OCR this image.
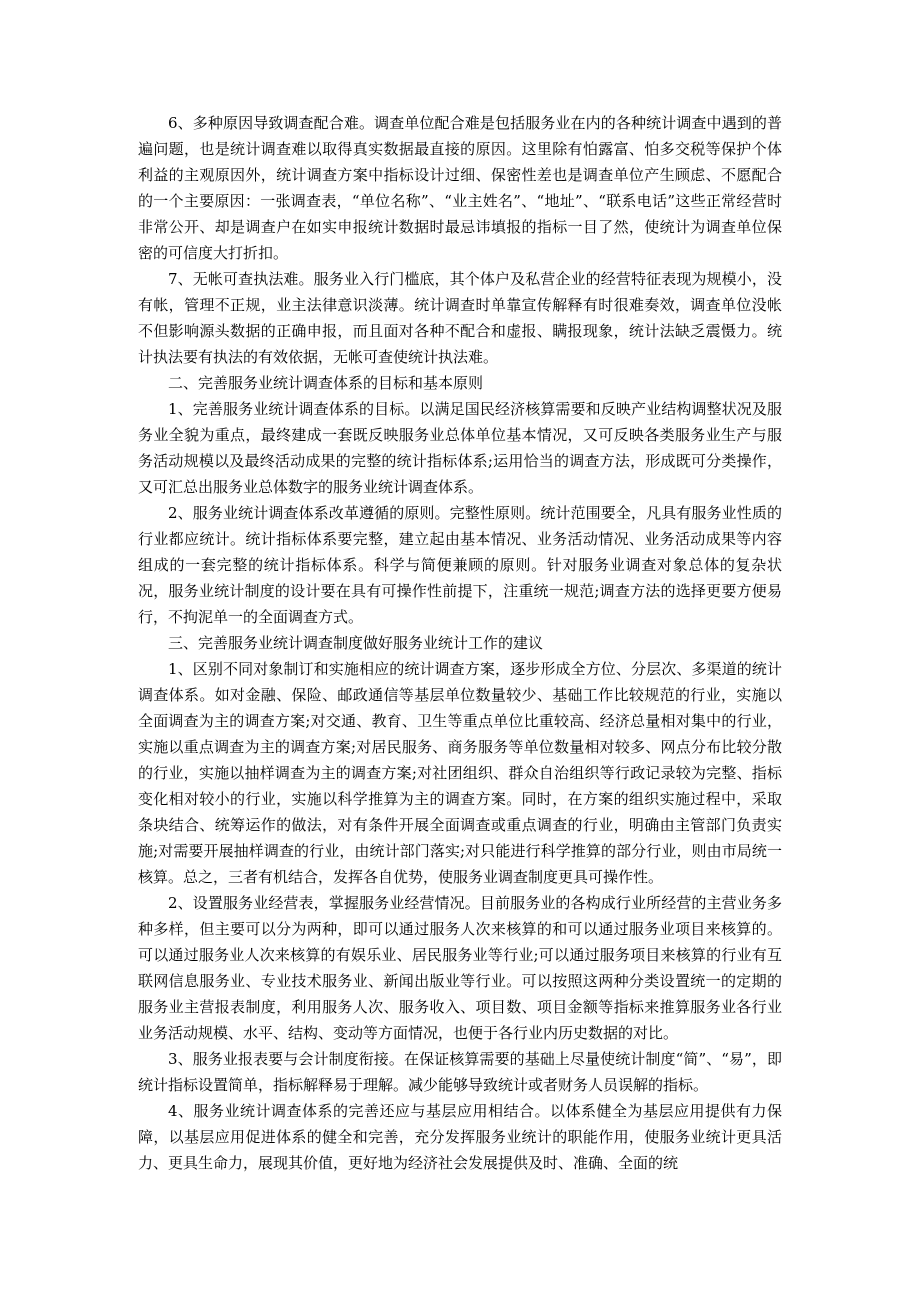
6、多种原因导致调查配合难。调查单位配合难是包括服务业在内的各种统计调查中遇到的普遍问题，也是统计调查难以取得真实数据最直接的原因。这里除有怕露富、怕多交税等保护个体利益的主观原因外，统计调查方案中指标设计过细、保密性差也是调查单位产生顾虑、不愿配合的一个主要原因：一张调查表，“单位名称”、“业主姓名”、“地址”、“联系电话”这些正常经营时非常公开、却是调查户在如实申报统计数据时最忌讳填报的指标一目了然，使统计为调查单位保密的可信度大打折扣。

7、无帐可查执法难。服务业入行门槛底，其个体户及私营企业的经营特征表现为规模小，没有帐，管理不正规，业主法律意识淡薄。统计调查时单靠宣传解释有时很难奏效，调查单位没帐不但影响源头数据的正确申报，而且面对各种不配合和虚报、瞒报现象，统计法缺乏震慑力。统计执法要有执法的有效依据，无帐可查使统计执法难。

二、完善服务业统计调查体系的目标和基本原则

1、完善服务业统计调查体系的目标。以满足国民经济核算需要和反映产业结构调整状况及服务业全貌为重点，最终建成一套既反映服务业总体单位基本情况，又可反映各类服务业生产与服务活动规模以及最终活动成果的完整的统计指标体系;运用恰当的调查方法，形成既可分类操作，又可汇总出服务业总体数字的服务业统计调查体系。

2、服务业统计调查体系改革遵循的原则。完整性原则。统计范围要全，凡具有服务业性质的行业都应统计。统计指标体系要完整，建立起由基本情况、业务活动情况、业务活动成果等内容组成的一套完整的统计指标体系。科学与简便兼顾的原则。针对服务业调查对象总体的复杂状况，服务业统计制度的设计要在具有可操作性前提下，注重统一规范;调查方法的选择更要方便易行，不拘泥单一的全面调查方式。

三、完善服务业统计调查制度做好服务业统计工作的建议

1、区别不同对象制订和实施相应的统计调查方案，逐步形成全方位、分层次、多渠道的统计调查体系。如对金融、保险、邮政通信等基层单位数量较少、基础工作比较规范的行业，实施以全面调查为主的调查方案;对交通、教育、卫生等重点单位比重较高、经济总量相对集中的行业，实施以重点调查为主的调查方案;对居民服务、商务服务等单位数量相对较多、网点分布比较分散的行业，实施以抽样调查为主的调查方案;对社团组织、群众自治组织等行政记录较为完整、指标变化相对较小的行业，实施以科学推算为主的调查方案。同时，在方案的组织实施过程中，采取条块结合、统筹运作的做法，对有条件开展全面调查或重点调查的行业，明确由主管部门负责实施;对需要开展抽样调查的行业，由统计部门落实;对只能进行科学推算的部分行业，则由市局统一核算。总之，三者有机结合，发挥各自优势，使服务业调查制度更具可操作性。

2、设置服务业经营表，掌握服务业经营情况。目前服务业的各构成行业所经营的主营业务多种多样，但主要可以分为两种，即可以通过服务人次来核算的和可以通过服务业项目来核算的。可以通过服务业人次来核算的有娱乐业、居民服务业等行业;可以通过服务项目来核算的行业有互联网信息服务业、专业技术服务业、新闻出版业等行业。可以按照这两种分类设置统一的定期的服务业主营报表制度，利用服务人次、服务收入、项目数、项目金额等指标来推算服务业各行业业务活动规模、水平、结构、变动等方面情况，也便于各行业内历史数据的对比。

3、服务业报表要与会计制度衔接。在保证核算需要的基础上尽量使统计制度“简”、“易”，即统计指标设置简单，指标解释易于理解。减少能够导致统计或者财务人员误解的指标。

4、服务业统计调查体系的完善还应与基层应用相结合。以体系健全为基层应用提供有力保障，以基层应用促进体系的健全和完善，充分发挥服务业统计的职能作用，使服务业统计更具活力、更具生命力，展现其价值，更好地为经济社会发展提供及时、准确、全面的统
